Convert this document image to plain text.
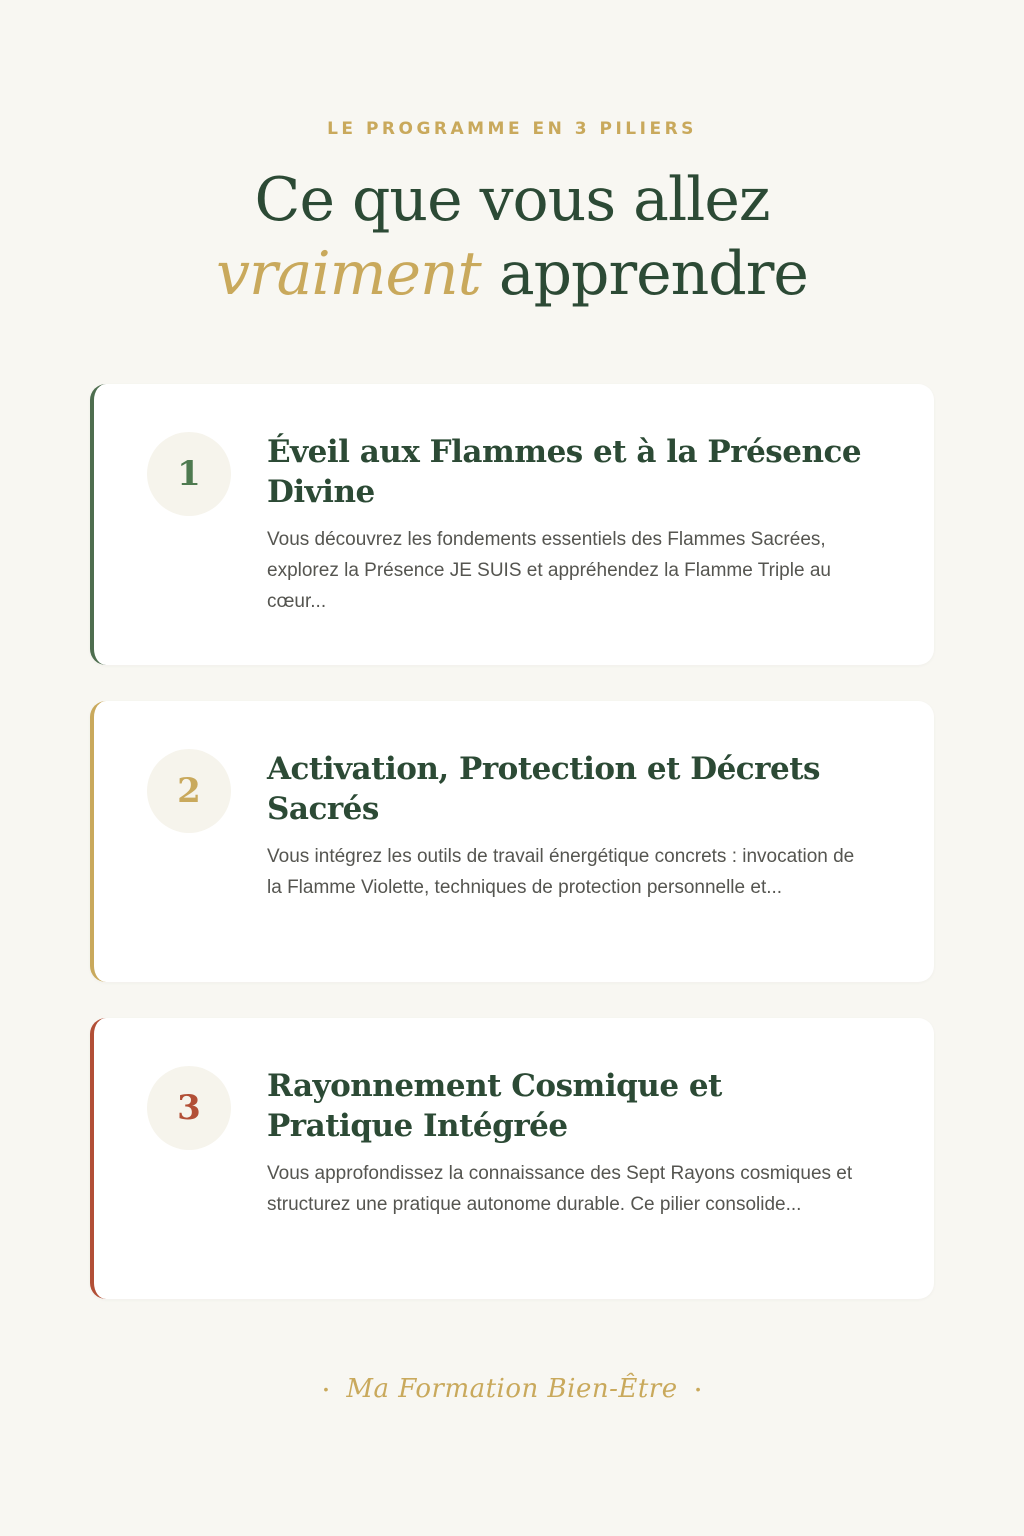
LE PROGRAMME EN 3 PILIERS
Ce que vous allez
vraiment apprendre
1
Éveil aux Flammes et à la Présence Divine

Vous découvrez les fondements essentiels des Flammes Sacrées, explorez la Présence JE SUIS et appréhendez la Flamme Triple au cœur...

2
Activation, Protection et Décrets Sacrés

Vous intégrez les outils de travail énergétique concrets : invocation de la Flamme Violette, techniques de protection personnelle et...

3
Rayonnement Cosmique et Pratique Intégrée

Vous approfondissez la connaissance des Sept Rayons cosmiques et structurez une pratique autonome durable. Ce pilier consolide...

• Ma Formation Bien-Être •
